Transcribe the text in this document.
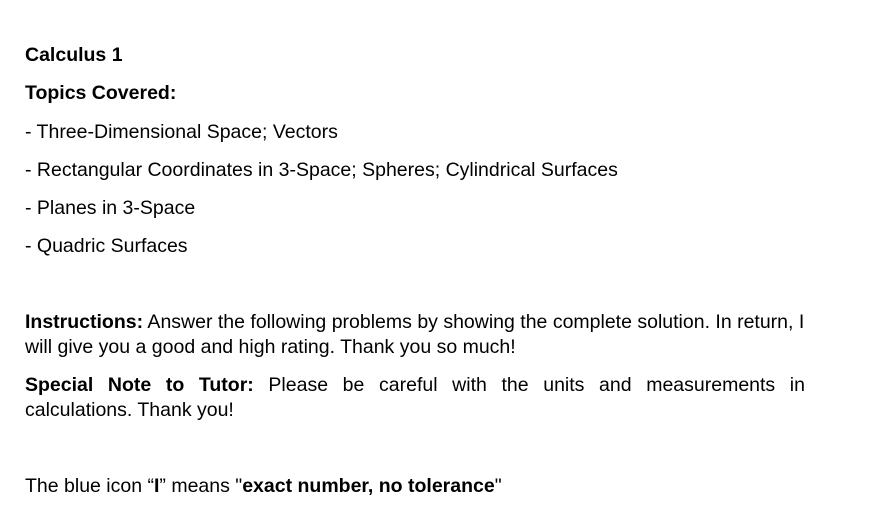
Calculus 1
Topics Covered:
- Three-Dimensional Space; Vectors
- Rectangular Coordinates in 3-Space; Spheres; Cylindrical Surfaces
- Planes in 3-Space
- Quadric Surfaces
Instructions: Answer the following problems by showing the complete solution. In return, I will give you a good and high rating. Thank you so much!
Special Note to Tutor: Please be careful with the units and measurements in calculations. Thank you!
The blue icon “I” means "exact number, no tolerance"
